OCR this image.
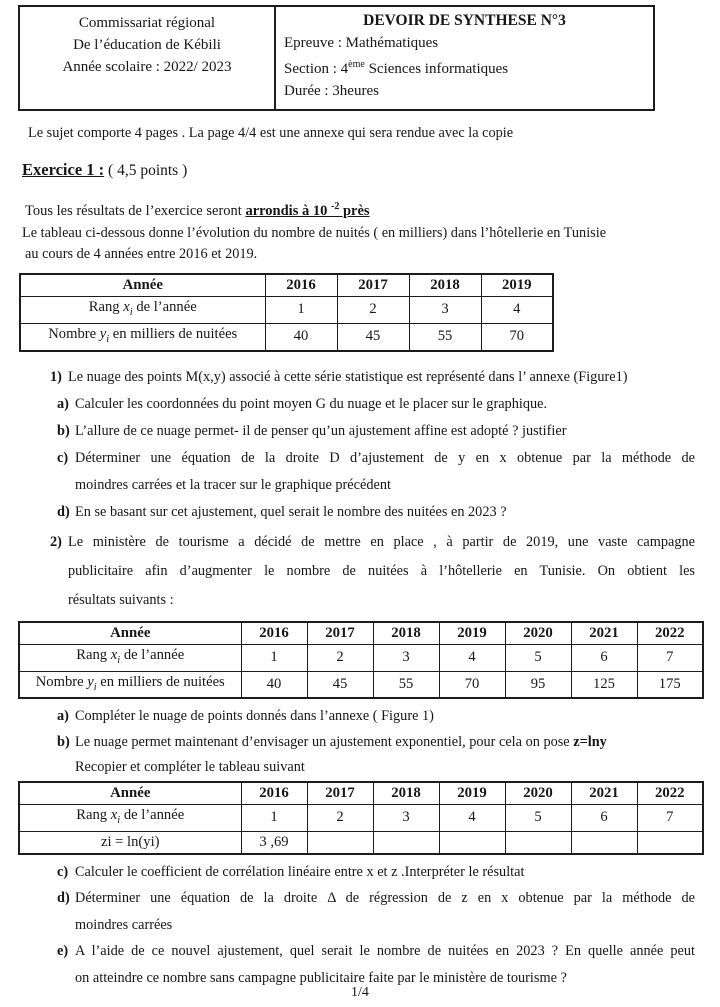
Commissariat régional
De l’éducation de Kébili
Année scolaire : 2022/ 2023
DEVOIR DE SYNTHESE N°3
Epreuve : Mathématiques
Section : 4ème Sciences informatiques
Durée : 3heures
Le sujet comporte 4 pages . La page 4/4 est une annexe qui sera rendue avec la copie
Exercice 1 : ( 4,5 points )
Tous les résultats de l’exercice seront arrondis à 10 $^{-2}$ près
Le tableau ci-dessous donne l’évolution du nombre de nuités ( en milliers) dans l’hôtellerie en Tunisie
au cours de 4 années entre 2016 et 2019.
Année	2016	2017	2018	2019
Rang $x_i$ de l’année	1	2	3	4
Nombre $y_i$ en milliers de nuitées	40	45	55	70
1) Le nuage des points M(x,y) associé à cette série statistique est représenté dans l’ annexe (Figure1)
a) Calculer les coordonnées du point moyen G du nuage et le placer sur le graphique.
b) L’allure de ce nuage permet- il de penser qu’un ajustement affine est adopté ? justifier
c) Déterminer une équation de la droite D d’ajustement de y en x obtenue par la méthode de
moindres carrées et la tracer sur le graphique précédent
d) En se basant sur cet ajustement, quel serait le nombre des nuitées en 2023 ?
2) Le ministère de tourisme a décidé de mettre en place , à partir de 2019, une vaste campagne
publicitaire afin d’augmenter le nombre de nuitées à l’hôtellerie en Tunisie. On obtient les
résultats suivants :
Année	2016	2017	2018	2019	2020	2021	2022
Rang $x_i$ de l’année	1	2	3	4	5	6	7
Nombre $y_i$ en milliers de nuitées	40	45	55	70	95	125	175
a) Compléter le nuage de points donnés dans l’annexe ( Figure 1)
b) Le nuage permet maintenant d’envisager un ajustement exponentiel, pour cela on pose z=lny
Recopier et compléter le tableau suivant
Année	2016	2017	2018	2019	2020	2021	2022
Rang $x_i$ de l’année	1	2	3	4	5	6	7
zi = ln(yi)	3 ,69						
c) Calculer le coefficient de corrélation linéaire entre x et z .Interpréter le résultat
d) Déterminer une équation de la droite Δ de régression de z en x obtenue par la méthode de
moindres carrées
e) A l’aide de ce nouvel ajustement, quel serait le nombre de nuitées en 2023 ? En quelle année peut
on atteindre ce nombre sans campagne publicitaire faite par le ministère de tourisme ?
1/4
